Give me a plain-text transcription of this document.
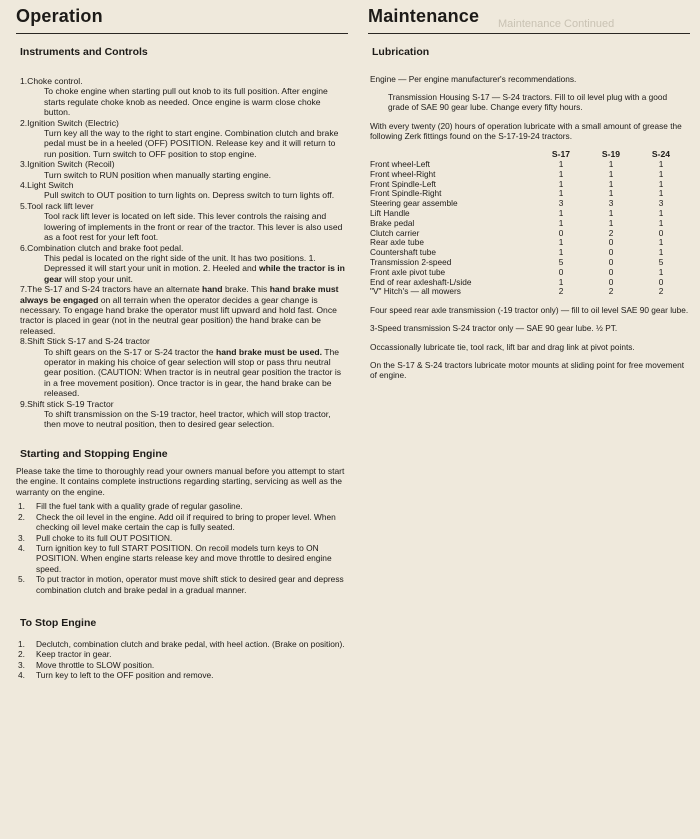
Operation
Instruments and Controls
1.Choke control.
To choke engine when starting pull out knob to its full position. After engine starts regulate choke knob as needed. Once engine is warm close choke button.
2.Ignition Switch (Electric)
Turn key all the way to the right to start engine. Combination clutch and brake pedal must be in a heeled (OFF) POSITION. Release key and it will return to run position. Turn switch to OFF position to stop engine.
3.Ignition Switch (Recoil)
Turn switch to RUN position when manually starting engine.
4.Light Switch
Pull switch to OUT position to turn lights on. Depress switch to turn lights off.
5.Tool rack lift lever
Tool rack lift lever is located on left side. This lever controls the raising and lowering of implements in the front or rear of the tractor. This lever is also used as a foot rest for your left foot.
6.Combination clutch and brake foot pedal.
This pedal is located on the right side of the unit. It has two positions. 1. Depressed it will start your unit in motion. 2. Heeled and while the tractor is in gear will stop your unit.
7.The S-17 and S-24 tractors have an alternate hand brake. This hand brake must always be engaged on all terrain when the operator decides a gear change is necessary. To engage hand brake the operator must lift upward and hold fast. Once tractor is placed in gear (not in the neutral gear position) the hand brake can be released.
8.Shift Stick S-17 and S-24 tractor
To shift gears on the S-17 or S-24 tractor the hand brake must be used. The operator in making his choice of gear selection will stop or pass thru neutral gear position. (CAUTION: When tractor is in neutral gear position the tractor is in a free movement position). Once tractor is in gear, the hand brake can be released.
9.Shift stick S-19 Tractor
To shift transmission on the S-19 tractor, heel tractor, which will stop tractor, then move to neutral position, then to desired gear selection.
Starting and Stopping Engine

Please take the time to thoroughly read your owners manual before you attempt to start the engine. It contains complete instructions regarding starting, servicing as well as the warranty on the engine.

1.	Fill the fuel tank with a quality grade of regular gasoline.
2.	Check the oil level in the engine. Add oil if required to bring to proper level. When checking oil level make certain the cap is fully seated.
3.	Pull choke to its full OUT POSITION.
4.	Turn ignition key to full START POSITION. On recoil models turn keys to ON POSITION. When engine starts release key and move throttle to desired engine speed.
5.	To put tractor in motion, operator must move shift stick to desired gear and depress combination clutch and brake pedal in a gradual manner.
To Stop Engine
1.	Declutch, combination clutch and brake pedal, with heel action. (Brake on position).
2.	Keep tractor in gear.
3.	Move throttle to SLOW position.
4.	Turn key to left to the OFF position and remove.
Maintenance	Maintenance Continued
Lubrication

Engine — Per engine manufacturer's recommendations.

Transmission Housing S-17 — S-24 tractors. Fill to oil level plug with a good grade of SAE 90 gear lube. Change every fifty hours.

With every twenty (20) hours of operation lubricate with a small amount of grease the following Zerk fittings found on the S-17-19-24 tractors.

	S-17	S-19	S-24
Front wheel-Left	1	1	1
Front wheel-Right	1	1	1
Front Spindle-Left	1	1	1
Front Spindle-Right	1	1	1
Steering gear assemble	3	3	3
Lift Handle	1	1	1
Brake pedal	1	1	1
Clutch carrier	0	2	0
Rear axle tube	1	0	1
Countershaft tube	1	0	1
Transmission 2-speed	5	0	5
Front axle pivot tube	0	0	1
End of rear axleshaft-L/side	1	0	0
"V" Hitch's — all mowers	2	2	2

Four speed rear axle transmission (-19 tractor only) — fill to oil level SAE 90 gear lube.

3-Speed transmission S-24 tractor only — SAE 90 gear lube. ½ PT.

Occassionally lubricate tie, tool rack, lift bar and drag link at pivot points.

On the S-17 & S-24 tractors lubricate motor mounts at sliding point for free movement of engine.
